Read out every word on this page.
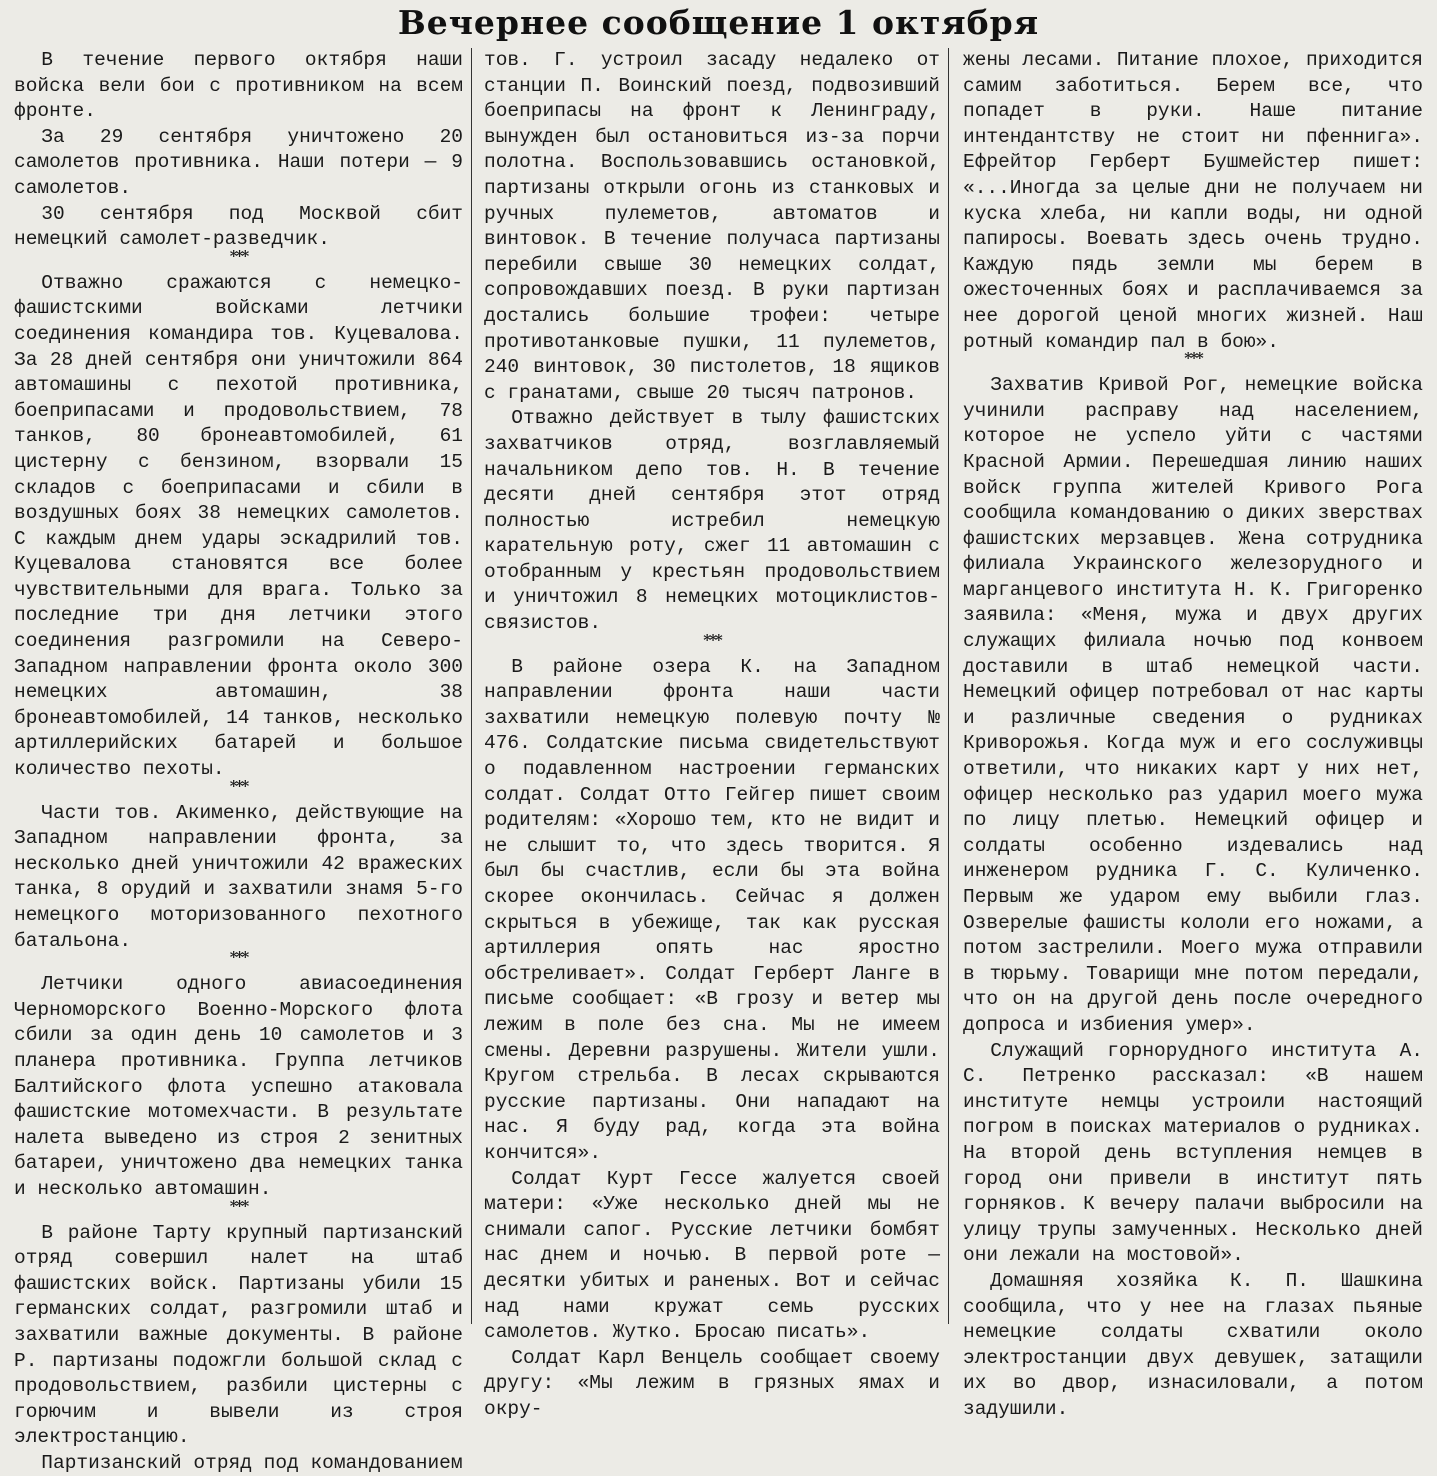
Вечернее сообщение 1 октября

В течение первого октября наши войска вели бои с противником на всем фронте.

За 29 сентября уничтожено 20 самолетов противника. Наши потери — 9 самолетов.

30 сентября под Москвой сбит немецкий самолет-разведчик.

***

Отважно сражаются с немецко-фашистскими войсками летчики соединения командира тов. Куцевалова. За 28 дней сентября они уничтожили 864 автомашины с пехотой противника, боеприпасами и продовольствием, 78 танков, 80 бронеавтомобилей, 61 цистерну с бензином, взорвали 15 складов с боеприпасами и сбили в воздушных боях 38 немецких самолетов. С каждым днем удары эскадрилий тов. Куцевалова становятся все более чувствительными для врага. Только за последние три дня летчики этого соединения разгромили на Северо-Западном направлении фронта около 300 немецких автомашин, 38 бронеавтомобилей, 14 танков, несколько артиллерийских батарей и большое количество пехоты.

***

Части тов. Акименко, действующие на Западном направлении фронта, за несколько дней уничтожили 42 вражеских танка, 8 орудий и захватили знамя 5-го немецкого моторизованного пехотного батальона.

***

Летчики одного авиасоединения Черноморского Военно-Морского флота сбили за один день 10 самолетов и 3 планера противника. Группа летчиков Балтийского флота успешно атаковала фашистские мотомехчасти. В результате налета выведено из строя 2 зенитных батареи, уничтожено два немецких танка и несколько автомашин.

***

В районе Тарту крупный партизанский отряд совершил налет на штаб фашистских войск. Партизаны убили 15 германских солдат, разгромили штаб и захватили важные документы. В районе Р. партизаны подожгли большой склад с продовольствием, разбили цистерны с горючим и вывели из строя электростанцию.

Партизанский отряд под командованием

тов. Г. устроил засаду недалеко от станции П. Воинский поезд, подвозивший боеприпасы на фронт к Ленинграду, вынужден был остановиться из-за порчи полотна. Воспользовавшись остановкой, партизаны открыли огонь из станковых и ручных пулеметов, автоматов и винтовок. В течение получаса партизаны перебили свыше 30 немецких солдат, сопровождавших поезд. В руки партизан достались большие трофеи: четыре противотанковые пушки, 11 пулеметов, 240 винтовок, 30 пистолетов, 18 ящиков с гранатами, свыше 20 тысяч патронов.

Отважно действует в тылу фашистских захватчиков отряд, возглавляемый начальником депо тов. Н. В течение десяти дней сентября этот отряд полностью истребил немецкую карательную роту, сжег 11 автомашин с отобранным у крестьян продовольствием и уничтожил 8 немецких мотоциклистов-связистов.

***

В районе озера К. на Западном направлении фронта наши части захватили немецкую полевую почту № 476. Солдатские письма свидетельствуют о подавленном настроении германских солдат. Солдат Отто Гейгер пишет своим родителям: «Хорошо тем, кто не видит и не слышит то, что здесь творится. Я был бы счастлив, если бы эта война скорее окончилась. Сейчас я должен скрыться в убежище, так как русская артиллерия опять нас яростно обстреливает». Солдат Герберт Ланге в письме сообщает: «В грозу и ветер мы лежим в поле без сна. Мы не имеем смены. Деревни разрушены. Жители ушли. Кругом стрельба. В лесах скрываются русские партизаны. Они нападают на нас. Я буду рад, когда эта война кончится».

Солдат Курт Гессе жалуется своей матери: «Уже несколько дней мы не снимали сапог. Русские летчики бомбят нас днем и ночью. В первой роте — десятки убитых и раненых. Вот и сейчас над нами кружат семь русских самолетов. Жутко. Бросаю писать».

Солдат Карл Венцель сообщает своему другу: «Мы лежим в грязных ямах и окру-

жены лесами. Питание плохое, приходится самим заботиться. Берем все, что попадет в руки. Наше питание интендантству не стоит ни пфеннига». Ефрейтор Герберт Бушмейстер пишет: «...Иногда за целые дни не получаем ни куска хлеба, ни капли воды, ни одной папиросы. Воевать здесь очень трудно. Каждую пядь земли мы берем в ожесточенных боях и расплачиваемся за нее дорогой ценой многих жизней. Наш ротный командир пал в бою».

***

Захватив Кривой Рог, немецкие войска учинили расправу над населением, которое не успело уйти с частями Красной Армии. Перешедшая линию наших войск группа жителей Кривого Рога сообщила командованию о диких зверствах фашистских мерзавцев. Жена сотрудника филиала Украинского железорудного и марганцевого института Н. К. Григоренко заявила: «Меня, мужа и двух других служащих филиала ночью под конвоем доставили в штаб немецкой части. Немецкий офицер потребовал от нас карты и различные сведения о рудниках Криворожья. Когда муж и его сослуживцы ответили, что никаких карт у них нет, офицер несколько раз ударил моего мужа по лицу плетью. Немецкий офицер и солдаты особенно издевались над инженером рудника Г. С. Куличенко. Первым же ударом ему выбили глаз. Озверелые фашисты кололи его ножами, а потом застрелили. Моего мужа отправили в тюрьму. Товарищи мне потом передали, что он на другой день после очередного допроса и избиения умер».

Служащий горнорудного института А. С. Петренко рассказал: «В нашем институте немцы устроили настоящий погром в поисках материалов о рудниках. На второй день вступления немцев в город они привели в институт пять горняков. К вечеру палачи выбросили на улицу трупы замученных. Несколько дней они лежали на мостовой».

Домашняя хозяйка К. П. Шашкина сообщила, что у нее на глазах пьяные немецкие солдаты схватили около электростанции двух девушек, затащили их во двор, изнасиловали, а потом задушили.
